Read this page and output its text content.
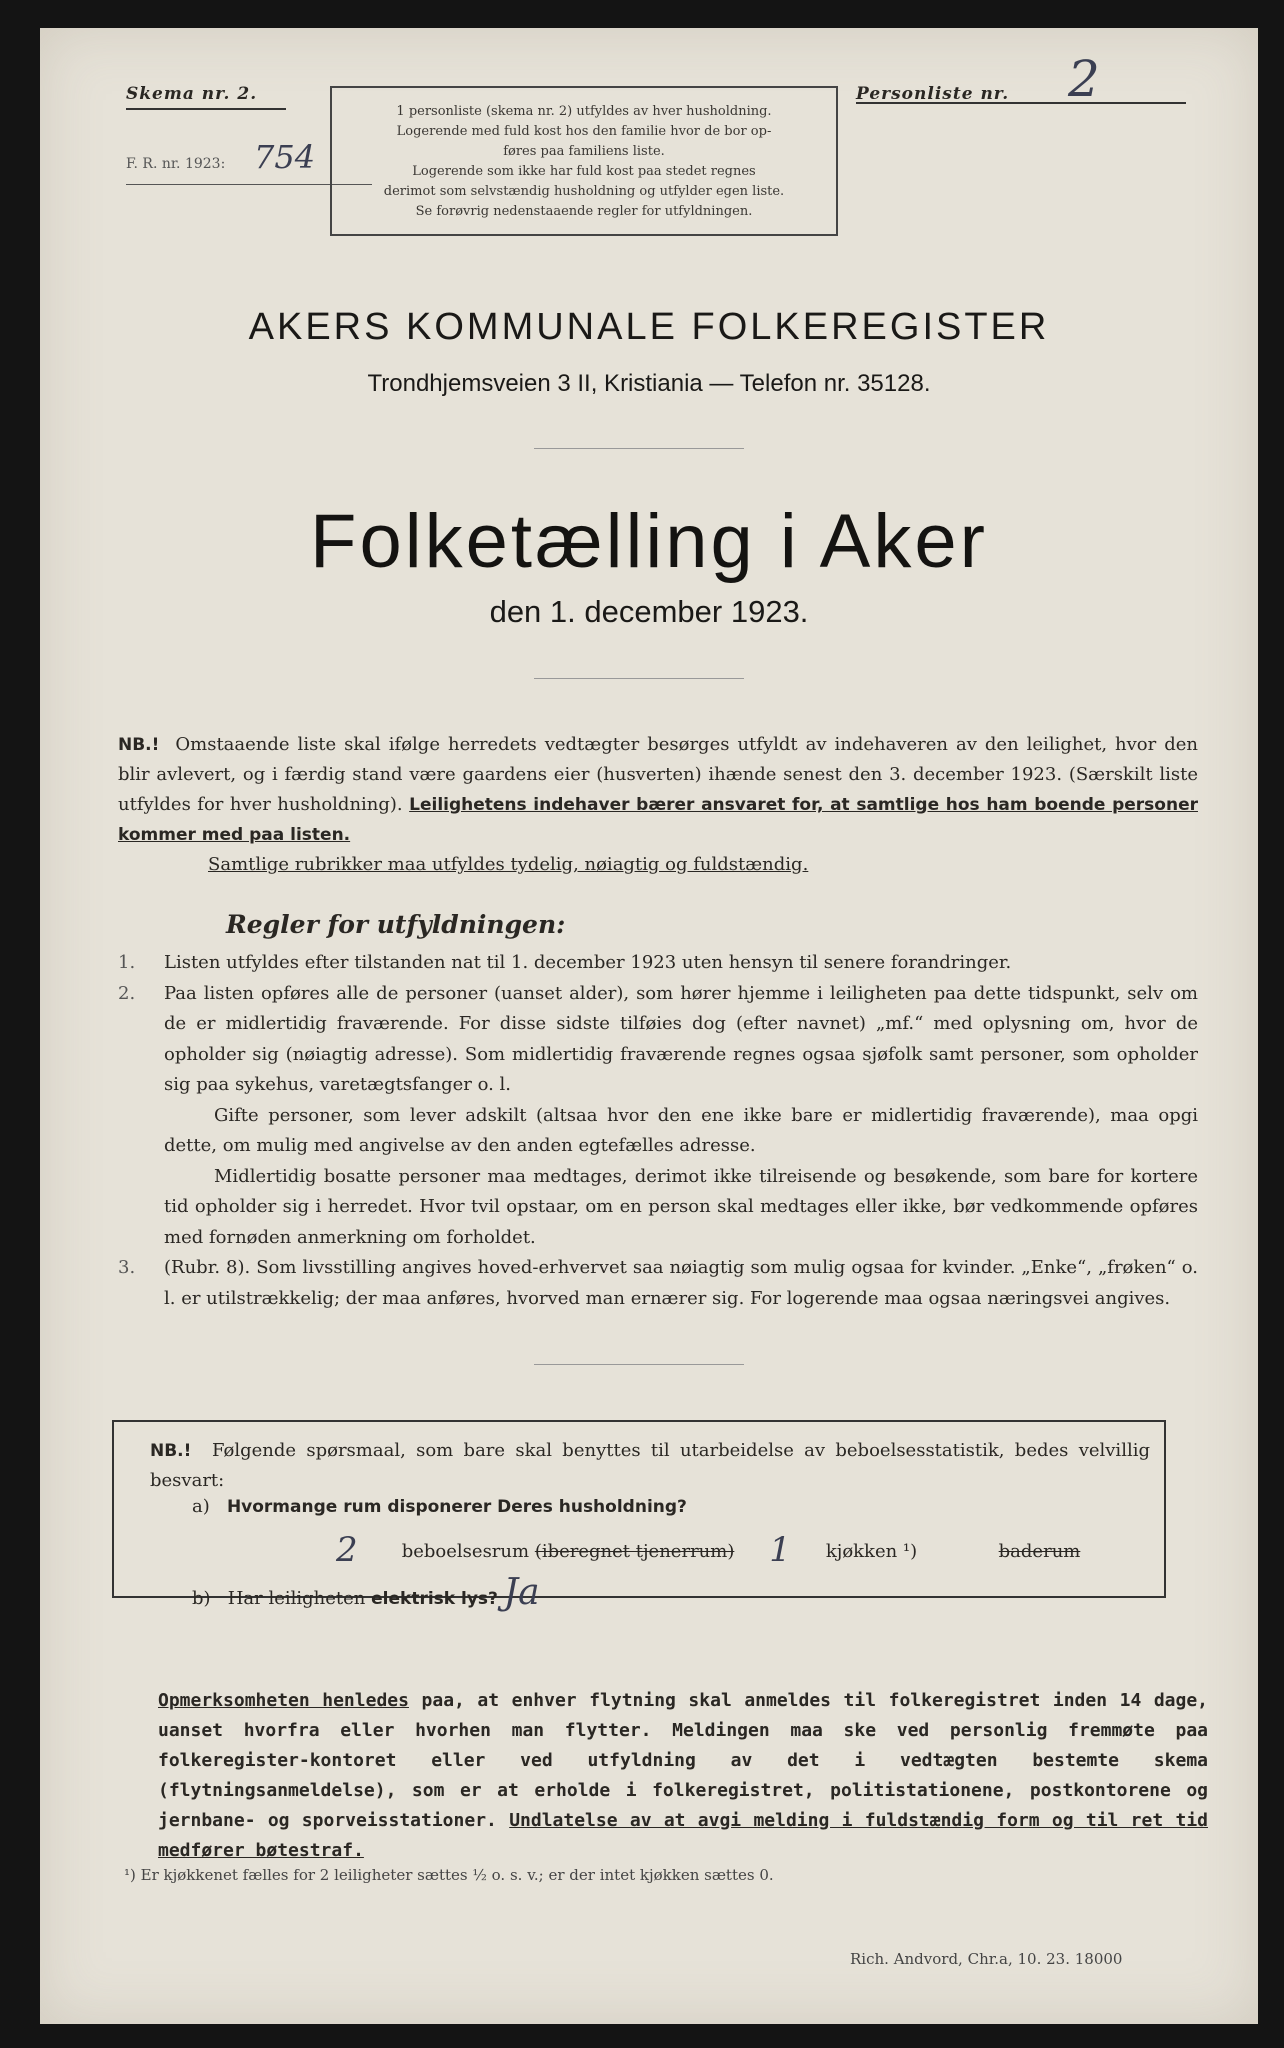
Skema nr. 2.
F. R. nr. 1923: 754
1 personliste (skema nr. 2) utfyldes av hver husholdning.
Logerende med fuld kost hos den familie hvor de bor op-
føres paa familiens liste.
Logerende som ikke har fuld kost paa stedet regnes
derimot som selvstændig husholdning og utfylder egen liste.
Se forøvrig nedenstaaende regler for utfyldningen.
Personliste nr. 2
AKERS KOMMUNALE FOLKEREGISTER
Trondhjemsveien 3 II, Kristiania — Telefon nr. 35128.
Folketælling i Aker
den 1. december 1923.

NB.! Omstaaende liste skal ifølge herredets vedtægter besørges utfyldt av indehaveren av den leilighet, hvor den blir avlevert, og i færdig stand være gaardens eier (husverten) ihænde senest den 3. december 1923. (Særskilt liste utfyldes for hver husholdning). Leilighetens indehaver bærer ansvaret for, at samtlige hos ham boende personer kommer med paa listen.

Samtlige rubrikker maa utfyldes tydelig, nøiagtig og fuldstændig.

Regler for utfyldningen:
1.	Listen utfyldes efter tilstanden nat til 1. december 1923 uten hensyn til senere forandringer.
2.	Paa listen opføres alle de personer (uanset alder), som hører hjemme i leiligheten paa dette tidspunkt, selv om de er midlertidig fraværende. For disse sidste tilføies dog (efter navnet) „mf.“ med oplysning om, hvor de opholder sig (nøiagtig adresse). Som midlertidig fraværende regnes ogsaa sjøfolk samt personer, som opholder sig paa sykehus, varetægtsfanger o. l.
Gifte personer, som lever adskilt (altsaa hvor den ene ikke bare er midlertidig fraværende), maa opgi dette, om mulig med angivelse av den anden egtefælles adresse.
Midlertidig bosatte personer maa medtages, derimot ikke tilreisende og besøkende, som bare for kortere tid opholder sig i herredet. Hvor tvil opstaar, om en person skal medtages eller ikke, bør vedkommende opføres med fornøden anmerkning om forholdet.
3.	(Rubr. 8). Som livsstilling angives hoved-erhvervet saa nøiagtig som mulig ogsaa for kvinder. „Enke“, „frøken“ o. l. er utilstrækkelig; der maa anføres, hvorved man ernærer sig. For logerende maa ogsaa næringsvei angives.
NB.! Følgende spørsmaal, som bare skal benyttes til utarbeidelse av beboelsesstatistik, bedes velvillig besvart:
a) Hvormange rum disponerer Deres husholdning?
2 beboelsesrum (iberegnet tjenerrum) 1 kjøkken ¹)	baderum
b) Har leiligheten elektrisk lys? Ja
Opmerksomheten henledes paa, at enhver flytning skal anmeldes til folkeregistret inden 14 dage, uanset hvorfra eller hvorhen man flytter. Meldingen maa ske ved personlig fremmøte paa folkeregister-kontoret eller ved utfyldning av det i vedtægten bestemte skema (flytningsanmeldelse), som er at erholde i folkeregistret, politistationene, postkontorene og jernbane- og sporveisstationer. Undlatelse av at avgi melding i fuldstændig form og til ret tid medfører bøtestraf.
¹) Er kjøkkenet fælles for 2 leiligheter sættes ½ o. s. v.; er der intet kjøkken sættes 0.
Rich. Andvord, Chr.a, 10. 23. 18000
